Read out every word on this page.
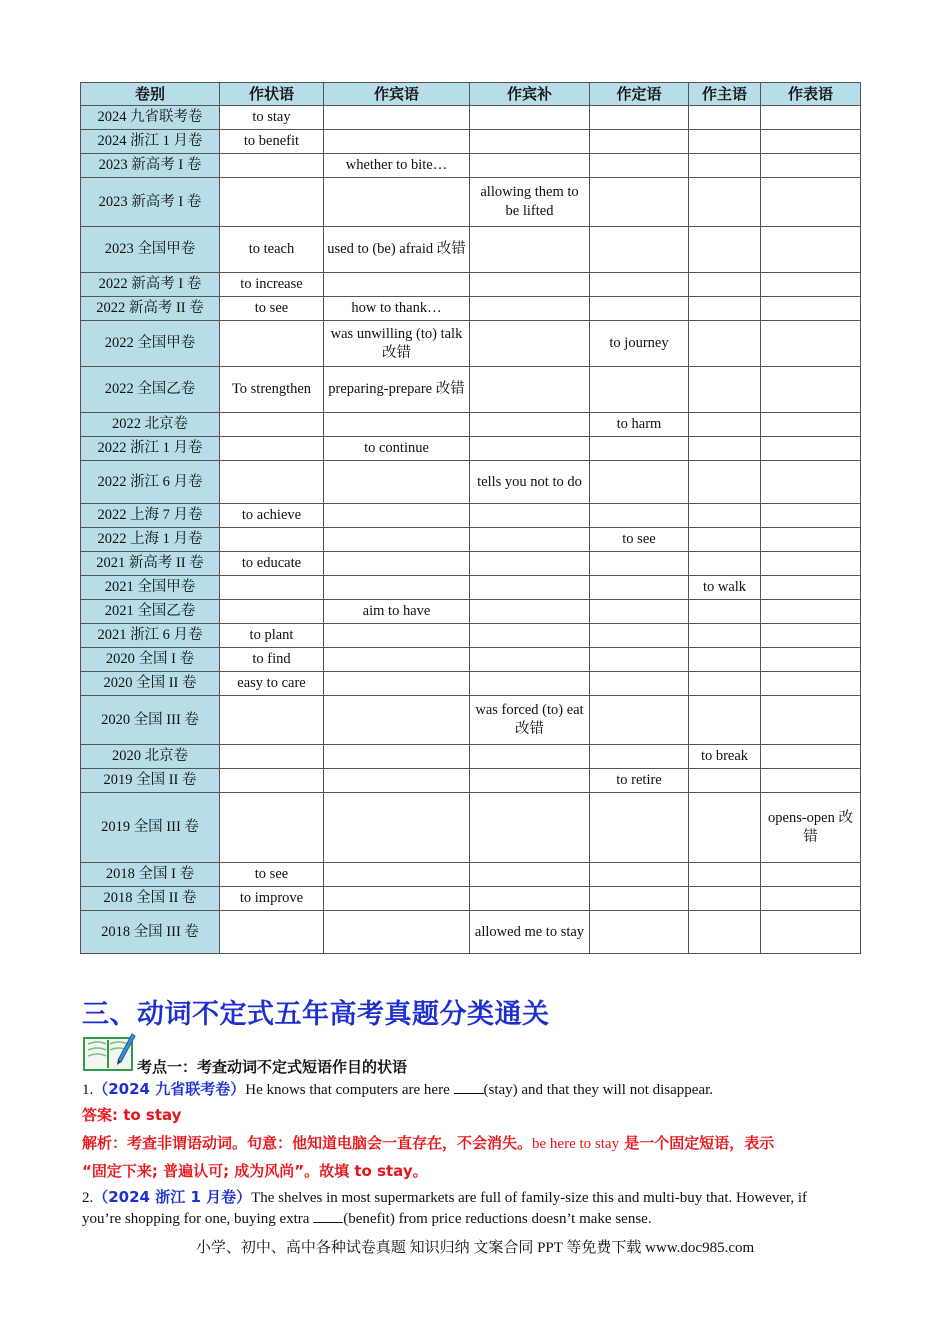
卷别	作状语	作宾语	作宾补	作定语	作主语	作表语
2024 九省联考卷	to stay					
2024 浙江 1 月卷	to benefit					
2023 新高考 I 卷		whether to bite…				
2023 新高考 I 卷			allowing them to be lifted			
2023 全国甲卷	to teach	used to (be) afraid 改错				
2022 新高考 I 卷	to increase					
2022 新高考 II 卷	to see	how to thank…				
2022 全国甲卷		was unwilling (to) talk 改错		to journey		
2022 全国乙卷	To strengthen	preparing-prepare 改错				
2022 北京卷				to harm		
2022 浙江 1 月卷		to continue				
2022 浙江 6 月卷			tells you not to do			
2022 上海 7 月卷	to achieve					
2022 上海 1 月卷				to see		
2021 新高考 II 卷	to educate					
2021 全国甲卷					to walk	
2021 全国乙卷		aim to have				
2021 浙江 6 月卷	to plant					
2020 全国 I 卷	to find					
2020 全国 II 卷	easy to care					
2020 全国 III 卷			was forced (to) eat 改错			
2020 北京卷					to break	
2019 全国 II 卷				to retire		
2019 全国 III 卷						opens-open 改错
2018 全国 I 卷	to see					
2018 全国 II 卷	to improve					
2018 全国 III 卷			allowed me to stay			
三、动词不定式五年高考真题分类通关
考点一：考查动词不定式短语作目的状语
1.（2024 九省联考卷）He knows that computers are here (stay) and that they will not disappear.
答案: to stay
解析：考查非谓语动词。句意：他知道电脑会一直存在，不会消失。be here to stay 是一个固定短语，表示
“固定下来; 普遍认可; 成为风尚”。故填 to stay。
2.（2024 浙江 1 月卷）The shelves in most supermarkets are full of family-size this and multi-buy that. However, if
you’re shopping for one, buying extra (benefit) from price reductions doesn’t make sense.
小学、初中、高中各种试卷真题 知识归纳 文案合同 PPT 等免费下载 www.doc985.com
